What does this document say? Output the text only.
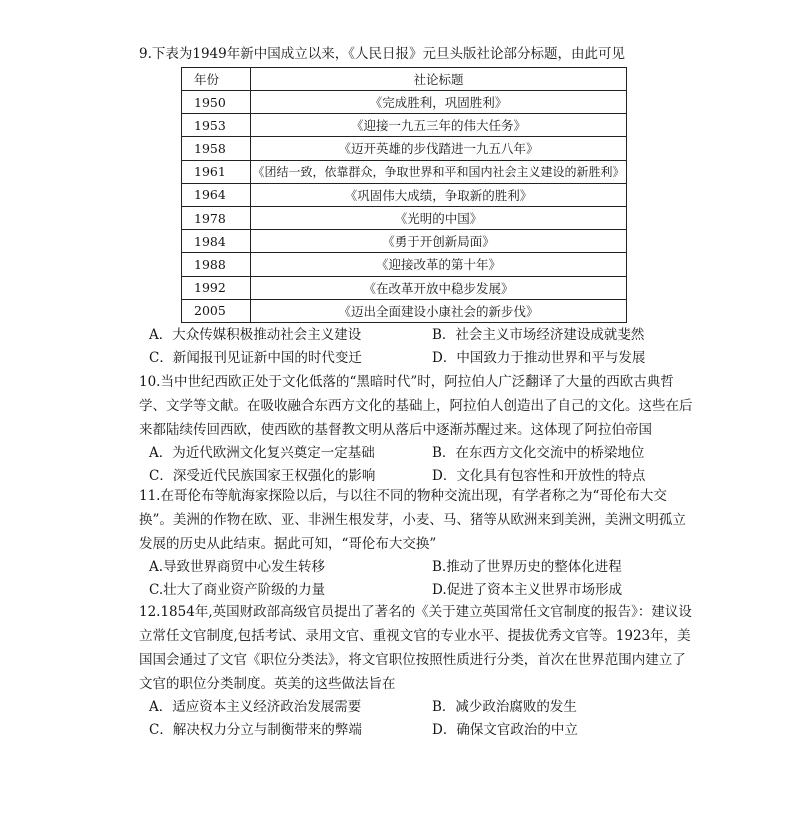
9.下表为1949年新中国成立以来，《人民日报》元旦头版社论部分标题，由此可见
年份	社论标题
1950	《完成胜利，巩固胜利》
1953	《迎接一九五三年的伟大任务》
1958	《迈开英雄的步伐踏进一九五八年》
1961	《团结一致，依靠群众，争取世界和平和国内社会主义建设的新胜利》
1964	《巩固伟大成绩，争取新的胜利》
1978	《光明的中国》
1984	《勇于开创新局面》
1988	《迎接改革的第十年》
1992	《在改革开放中稳步发展》
2005	《迈出全面建设小康社会的新步伐》
A．大众传媒积极推动社会主义建设	B．社会主义市场经济建设成就斐然
C．新闻报刊见证新中国的时代变迁	D．中国致力于推动世界和平与发展
10.当中世纪西欧正处于文化低落的“黑暗时代”时，阿拉伯人广泛翻译了大量的西欧古典哲学、文学等文献。在吸收融合东西方文化的基础上，阿拉伯人创造出了自己的文化。这些在后来都陆续传回西欧，使西欧的基督教文明从落后中逐渐苏醒过来。这体现了阿拉伯帝国
A．为近代欧洲文化复兴奠定一定基础	B．在东西方文化交流中的桥梁地位
C．深受近代民族国家王权强化的影响	D．文化具有包容性和开放性的特点
11.在哥伦布等航海家探险以后，与以往不同的物种交流出现，有学者称之为“哥伦布大交换”。美洲的作物在欧、亚、非洲生根发芽，小麦、马、猪等从欧洲来到美洲，美洲文明孤立发展的历史从此结束。据此可知，“哥伦布大交换”
A.导致世界商贸中心发生转移	B.推动了世界历史的整体化进程
C.壮大了商业资产阶级的力量	D.促进了资本主义世界市场形成
12.1854年,英国财政部高级官员提出了著名的《关于建立英国常任文官制度的报告》：建议设立常任文官制度,包括考试、录用文官、重视文官的专业水平、提拔优秀文官等。1923年，美国国会通过了文官《职位分类法》，将文官职位按照性质进行分类，首次在世界范围内建立了文官的职位分类制度。英美的这些做法旨在
A．适应资本主义经济政治发展需要	B．减少政治腐败的发生
C．解决权力分立与制衡带来的弊端	D．确保文官政治的中立
